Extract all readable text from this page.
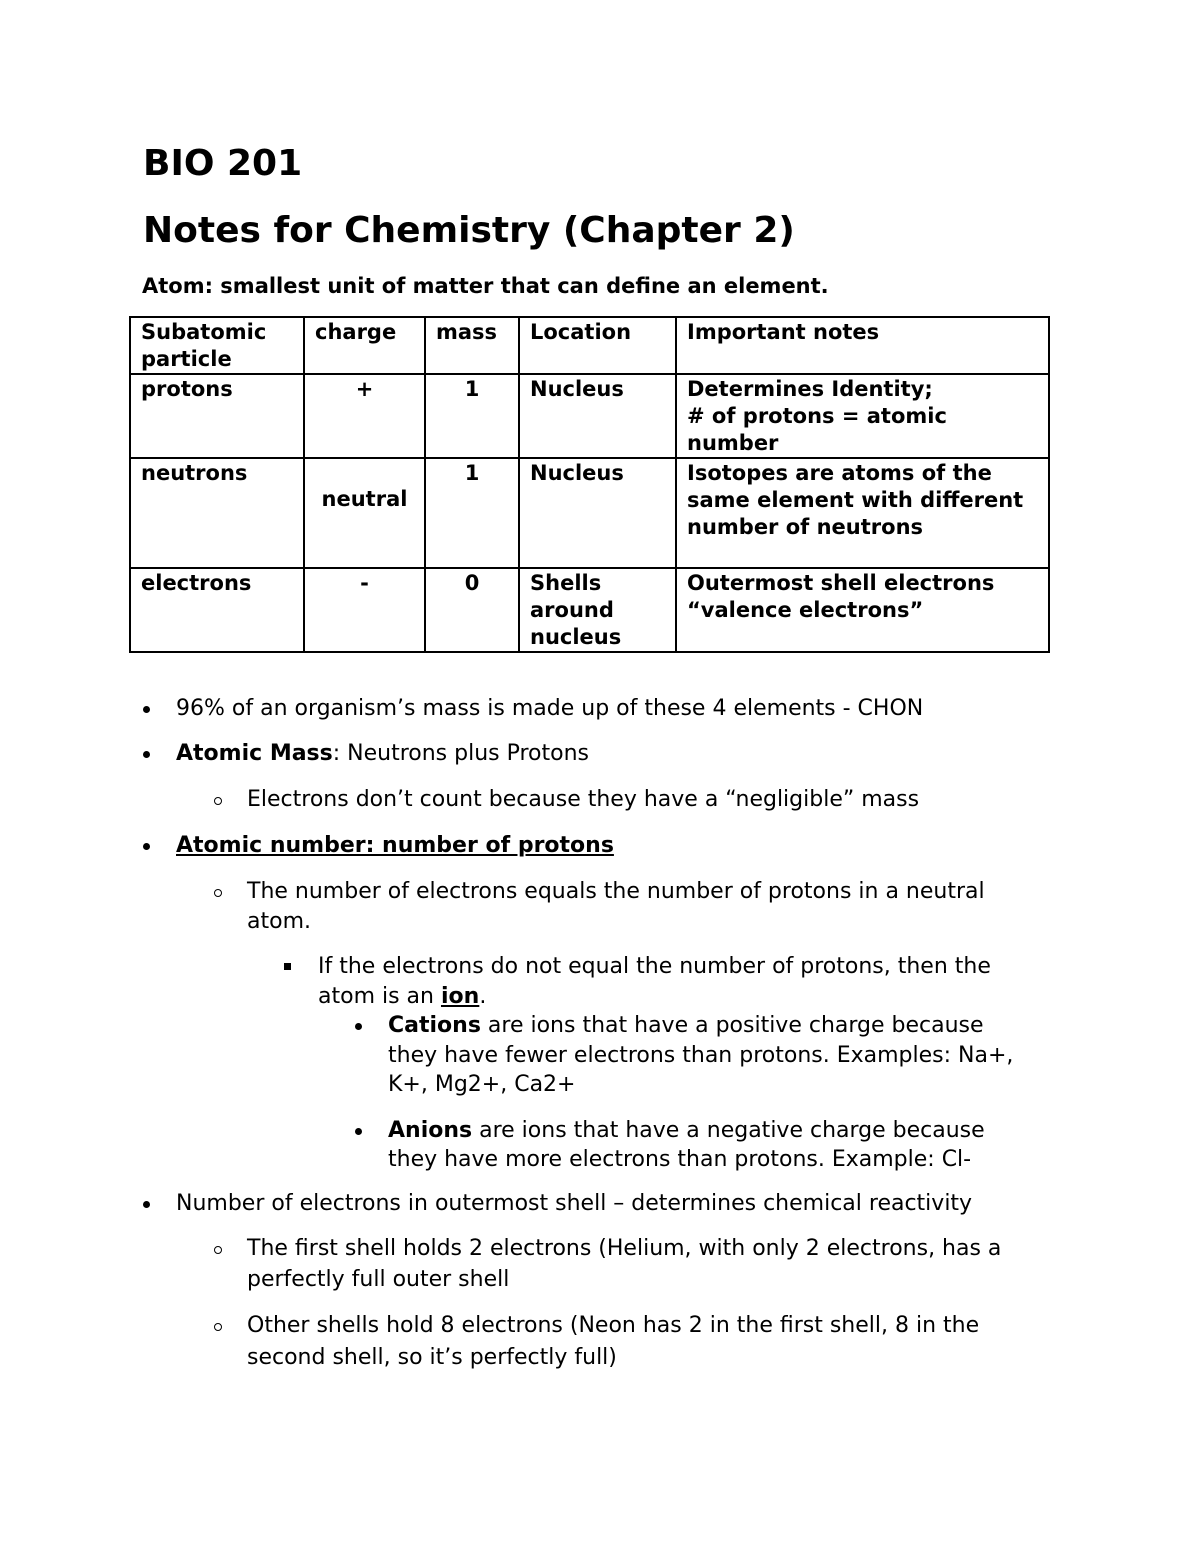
BIO 201
Notes for Chemistry (Chapter 2)

Atom: smallest unit of matter that can define an element.

Subatomic particle	charge	mass	Location	Important notes
protons	+	1	Nucleus	Determines Identity;
# of protons = atomic number

neutrons	neutral	1	Nucleus	Isotopes are atoms of the same element with different number of neutrons

electrons	-	0	Shells around nucleus	Outermost shell electrons
“valence electrons”

96% of an organism’s mass is made up of these 4 elements - CHON

Atomic Mass: Neutrons plus Protons

Electrons don’t count because they have a “negligible” mass

Atomic number: number of protons

The number of electrons equals the number of protons in a neutral

atom.

If the electrons do not equal the number of protons, then the

atom is an ion.

Cations are ions that have a positive charge because

they have fewer electrons than protons. Examples: Na+,

K+, Mg2+, Ca2+

Anions are ions that have a negative charge because

they have more electrons than protons. Example: Cl-

Number of electrons in outermost shell – determines chemical reactivity

The first shell holds 2 electrons (Helium, with only 2 electrons, has a

perfectly full outer shell

Other shells hold 8 electrons (Neon has 2 in the first shell, 8 in the

second shell, so it’s perfectly full)
